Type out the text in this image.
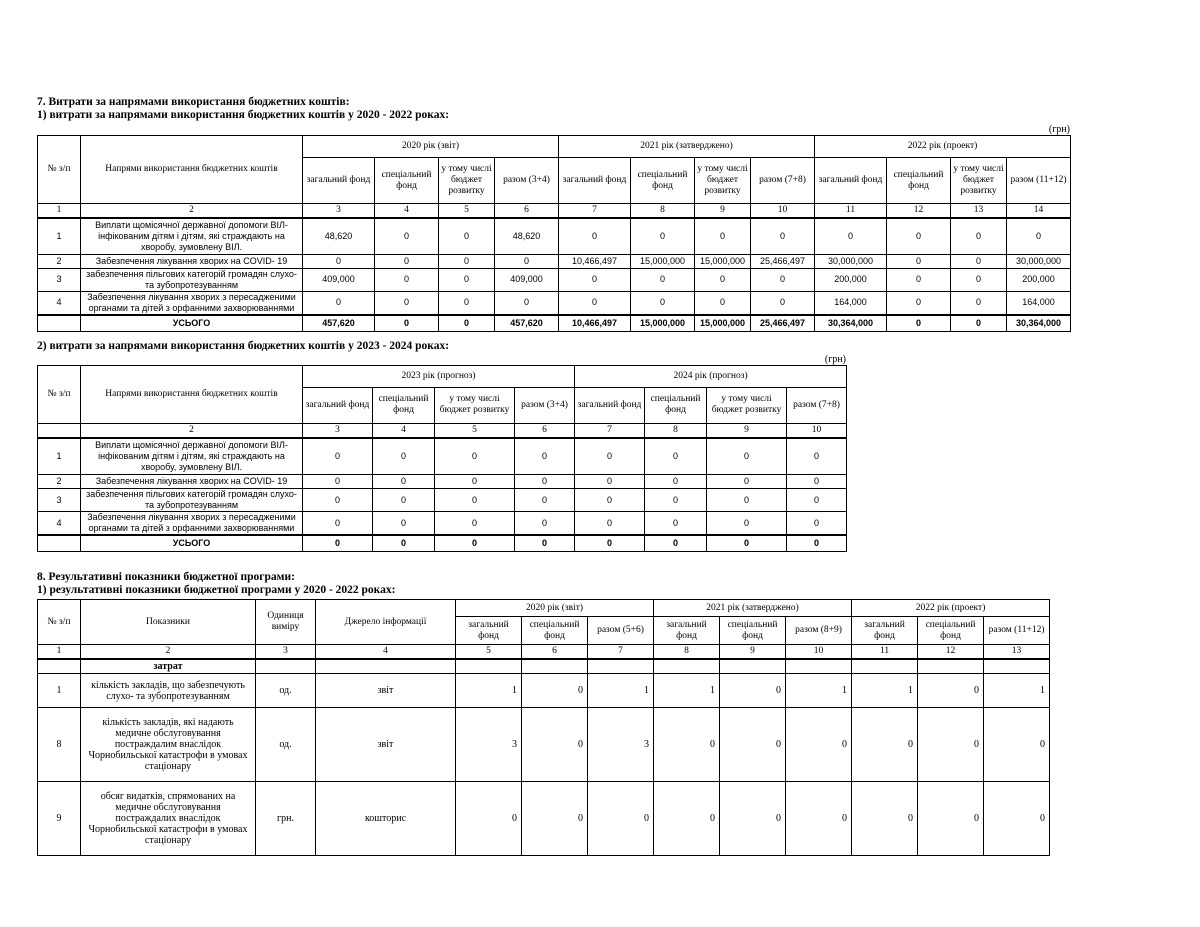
7. Витрати за напрямами використання бюджетних коштів:

1) витрати за напрямами використання бюджетних коштів у 2020 - 2022 роках:

(грн)

№ з/п	Напрями використання бюджетних коштів	2020 рік (звіт)				2021 рік (затверджено)				2022 рік (проект)			
		загальний фонд	спеціальний фонд	у тому числі бюджет розвитку	разом (3+4)	загальний фонд	спеціальний фонд	у тому числі бюджет розвитку	разом (7+8)	загальний фонд	спеціальний фонд	у тому числі бюджет розвитку	разом (11+12)
1	2	3	4	5	6	7	8	9	10	11	12	13	14
1	Виплати щомісячної державної допомоги ВІЛ-інфікованим дітям і дітям, які страждають на хворобу, зумовлену ВІЛ.	48,620	0	0	48,620	0	0	0	0	0	0	0	0
2	Забезпечення лікування хворих на COVID- 19	0	0	0	0	10,466,497	15,000,000	15,000,000	25,466,497	30,000,000	0	0	30,000,000
3	забезпечення пільгових категорій громадян слухо- та зубопротезуванням	409,000	0	0	409,000	0	0	0	0	200,000	0	0	200,000
4	Забезпечення лікування хворих з пересадженими органами та дітей з орфанними захворюваннями	0	0	0	0	0	0	0	0	164,000	0	0	164,000
	УСЬОГО	457,620	0	0	457,620	10,466,497	15,000,000	15,000,000	25,466,497	30,364,000	0	0	30,364,000

2) витрати за напрямами використання бюджетних коштів у 2023 - 2024 роках:

(грн)

№ з/п	Напрями використання бюджетних коштів	2023 рік (прогноз)				2024 рік (прогноз)			
		загальний фонд	спеціальний фонд	у тому числі бюджет розвитку	разом (3+4)	загальний фонд	спеціальний фонд	у тому числі бюджет розвитку	разом (7+8)
	2	3	4	5	6	7	8	9	10
1	Виплати щомісячної державної допомоги ВІЛ-інфікованим дітям і дітям, які страждають на хворобу, зумовлену ВІЛ.	0	0	0	0	0	0	0	0
2	Забезпечення лікування хворих на COVID- 19	0	0	0	0	0	0	0	0
3	забезпечення пільгових категорій громадян слухо- та зубопротезуванням	0	0	0	0	0	0	0	0
4	Забезпечення лікування хворих з пересадженими органами та дітей з орфанними захворюваннями	0	0	0	0	0	0	0	0
	УСЬОГО	0	0	0	0	0	0	0	0

8. Результативні показники бюджетної програми:

1) результативні показники бюджетної програми у 2020 - 2022 роках:

№ з/п	Показники	Одиниця виміру	Джерело інформації	2020 рік (звіт)			2021 рік (затверджено)			2022 рік (проект)		
				загальний фонд	спеціальний фонд	разом (5+6)	загальний фонд	спеціальний фонд	разом (8+9)	загальний фонд	спеціальний фонд	разом (11+12)
1	2	3	4	5	6	7	8	9	10	11	12	13
	затрат											
1	кількість закладів, що забезпечують слухо- та зубопротезуванням	од.	звіт	1	0	1	1	0	1	1	0	1
8	кількість закладів, які надають медичне обслуговування постраждалим внаслідок Чорнобильської катастрофи в умовах стаціонару	од.	звіт	3	0	3	0	0	0	0	0	0
9	обсяг видатків, спрямованих на медичне обслуговування постраждалих внаслідок Чорнобильської катастрофи в умовах стаціонару	грн.	кошторис	0	0	0	0	0	0	0	0	0
